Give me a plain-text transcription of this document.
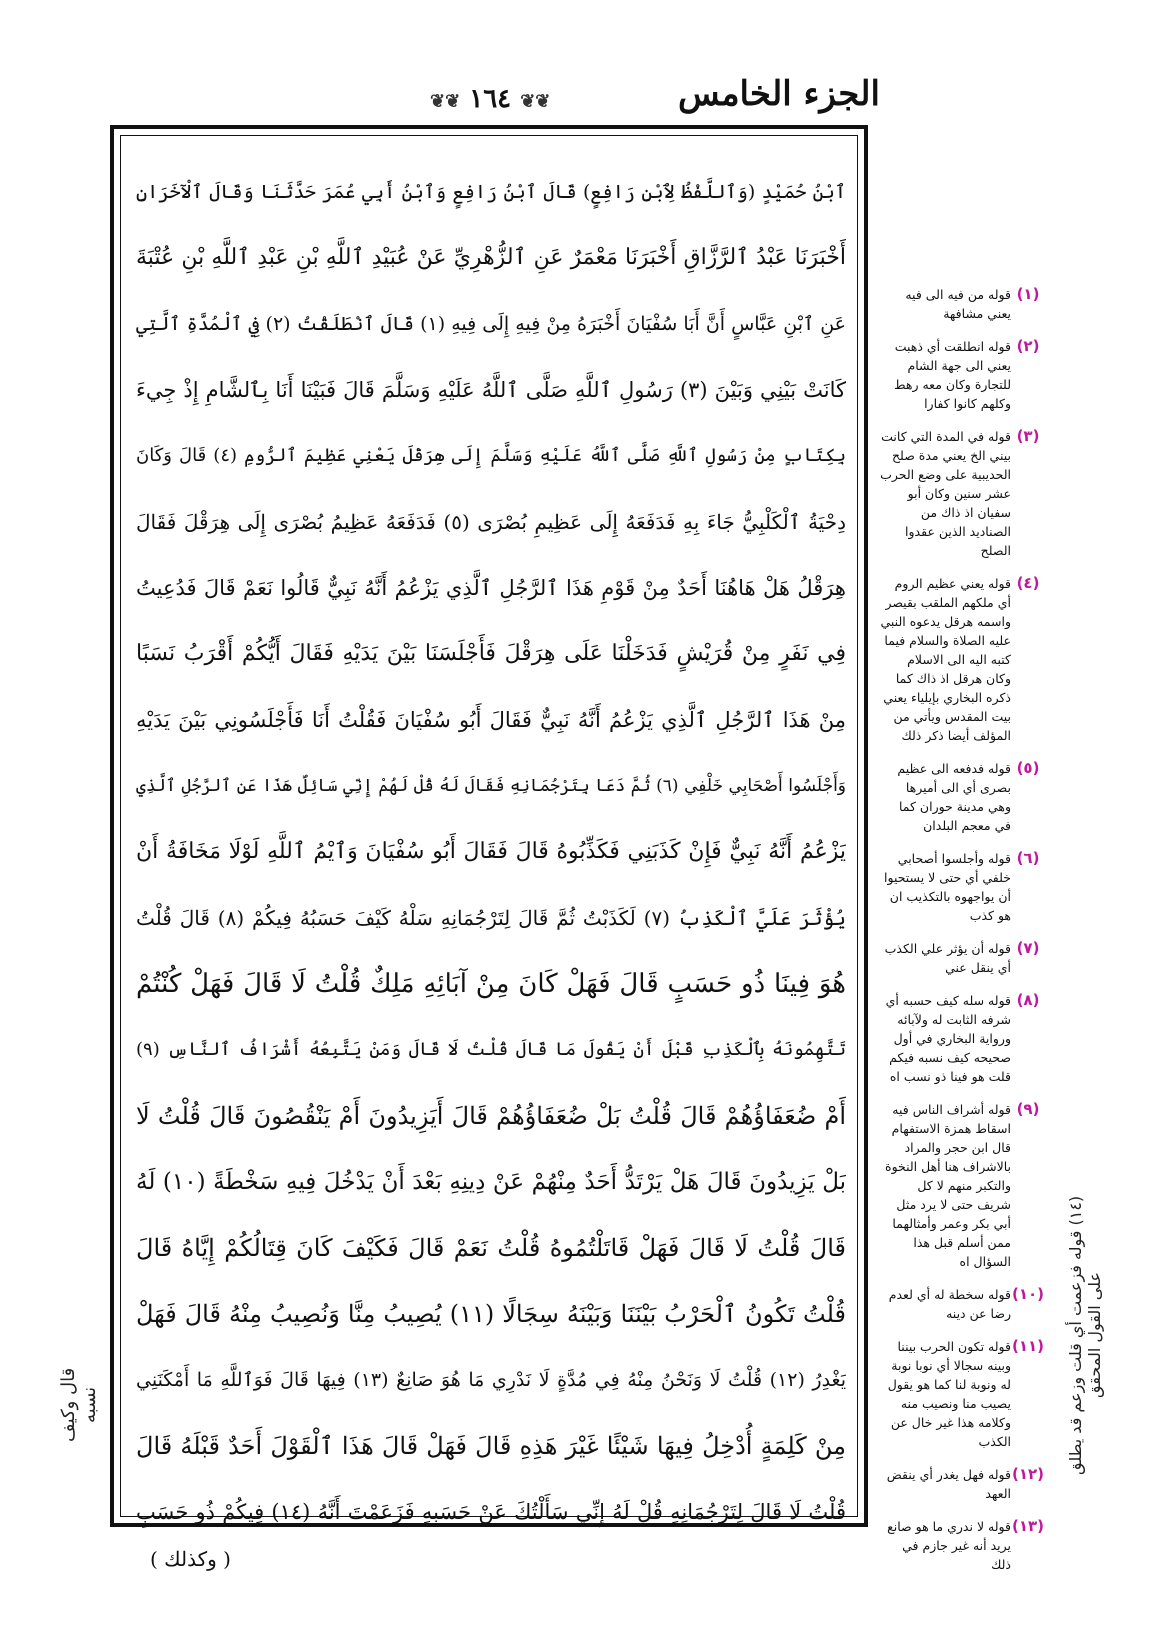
الجزء الخامس
❦❦ ١٦٤ ❦❦
ٱبْنُ حُمَيْدٍ (وَٱللَّفْظُ لِٱبْنِ رَافِعٍ) قَالَ ٱبْنُ رَافِعٍ وَٱبْنُ أَبِي عُمَرَ حَدَّثَنَا وَقَالَ ٱلْآخَرَانِ
أَخْبَرَنَا عَبْدُ ٱلرَّزَّاقِ أَخْبَرَنَا مَعْمَرٌ عَنِ ٱلزُّهْرِيِّ عَنْ عُبَيْدِ ٱللَّهِ بْنِ عَبْدِ ٱللَّهِ بْنِ عُتْبَةَ
عَنِ ٱبْنِ عَبَّاسٍ أَنَّ أَبَا سُفْيَانَ أَخْبَرَهُ مِنْ فِيهِ إِلَى فِيهِ (١) قَالَ ٱنْطَلَقْتُ (٢) فِي ٱلْمُدَّةِ ٱلَّتِي
كَانَتْ بَيْنِي وَبَيْنَ (٣) رَسُولِ ٱللَّهِ صَلَّى ٱللَّهُ عَلَيْهِ وَسَلَّمَ قَالَ فَبَيْنَا أَنَا بِٱلشَّامِ إِذْ جِيءَ
بِكِتَابٍ مِنْ رَسُولِ ٱللَّهِ صَلَّى ٱللَّهُ عَلَيْهِ وَسَلَّمَ إِلَى هِرَقْلَ يَعْنِي عَظِيمَ ٱلرُّومِ (٤) قَالَ وَكَانَ
دِحْيَةُ ٱلْكَلْبِيُّ جَاءَ بِهِ فَدَفَعَهُ إِلَى عَظِيمِ بُصْرَى (٥) فَدَفَعَهُ عَظِيمُ بُصْرَى إِلَى هِرَقْلَ فَقَالَ
هِرَقْلُ هَلْ هَاهُنَا أَحَدٌ مِنْ قَوْمِ هَذَا ٱلرَّجُلِ ٱلَّذِي يَزْعُمُ أَنَّهُ نَبِيٌّ قَالُوا نَعَمْ قَالَ فَدُعِيتُ
فِي نَفَرٍ مِنْ قُرَيْشٍ فَدَخَلْنَا عَلَى هِرَقْلَ فَأَجْلَسَنَا بَيْنَ يَدَيْهِ فَقَالَ أَيُّكُمْ أَقْرَبُ نَسَبًا
مِنْ هَذَا ٱلرَّجُلِ ٱلَّذِي يَزْعُمُ أَنَّهُ نَبِيٌّ فَقَالَ أَبُو سُفْيَانَ فَقُلْتُ أَنَا فَأَجْلَسُونِي بَيْنَ يَدَيْهِ
وَأَجْلَسُوا أَصْحَابِي خَلْفِي (٦) ثُمَّ دَعَا بِتَرْجُمَانِهِ فَقَالَ لَهُ قُلْ لَهُمْ إِنِّي سَائِلٌ هَذَا عَنِ ٱلرَّجُلِ ٱلَّذِي
يَزْعُمُ أَنَّهُ نَبِيٌّ فَإِنْ كَذَبَنِي فَكَذِّبُوهُ قَالَ فَقَالَ أَبُو سُفْيَانَ وَٱيْمُ ٱللَّهِ لَوْلَا مَخَافَةُ أَنْ
يُؤْثَرَ عَلَيَّ ٱلْكَذِبُ (٧) لَكَذَبْتُ ثُمَّ قَالَ لِتَرْجُمَانِهِ سَلْهُ كَيْفَ حَسَبُهُ فِيكُمْ (٨) قَالَ قُلْتُ
هُوَ فِينَا ذُو حَسَبٍ قَالَ فَهَلْ كَانَ مِنْ آبَائِهِ مَلِكٌ قُلْتُ لَا قَالَ فَهَلْ كُنْتُمْ
تَتَّهِمُونَهُ بِٱلْكَذِبِ قَبْلَ أَنْ يَقُولَ مَا قَالَ قُلْتُ لَا قَالَ وَمَنْ يَتَّبِعُهُ أَشْرَافُ ٱلنَّاسِ (٩)
أَمْ ضُعَفَاؤُهُمْ قَالَ قُلْتُ بَلْ ضُعَفَاؤُهُمْ قَالَ أَيَزِيدُونَ أَمْ يَنْقُصُونَ قَالَ قُلْتُ لَا
بَلْ يَزِيدُونَ قَالَ هَلْ يَرْتَدُّ أَحَدٌ مِنْهُمْ عَنْ دِينِهِ بَعْدَ أَنْ يَدْخُلَ فِيهِ سَخْطَةً (١٠) لَهُ
قَالَ قُلْتُ لَا قَالَ فَهَلْ قَاتَلْتُمُوهُ قُلْتُ نَعَمْ قَالَ فَكَيْفَ كَانَ قِتَالُكُمْ إِيَّاهُ قَالَ
قُلْتُ تَكُونُ ٱلْحَرْبُ بَيْنَنَا وَبَيْنَهُ سِجَالًا (١١) يُصِيبُ مِنَّا وَنُصِيبُ مِنْهُ قَالَ فَهَلْ
يَغْدِرُ (١٢) قُلْتُ لَا وَنَحْنُ مِنْهُ فِي مُدَّةٍ لَا نَدْرِي مَا هُوَ صَانِعٌ (١٣) فِيهَا قَالَ فَوَٱللَّهِ مَا أَمْكَنَنِي
مِنْ كَلِمَةٍ أُدْخِلُ فِيهَا شَيْئًا غَيْرَ هَذِهِ قَالَ فَهَلْ قَالَ هَذَا ٱلْقَوْلَ أَحَدٌ قَبْلَهُ قَالَ
قُلْتُ لَا قَالَ لِتَرْجُمَانِهِ قُلْ لَهُ إِنِّي سَأَلْتُكَ عَنْ حَسَبِهِ فَزَعَمْتَ أَنَّهُ (١٤) فِيكُمْ ذُو حَسَبٍ
(١)
قوله من فيه الى فيه يعني مشافهة
(٢)
قوله انطلقت أي ذهبت يعني الى جهة الشام للتجارة وكان معه رهط وكلهم كانوا كفارا
(٣)
قوله في المدة التي كانت بيني الخ يعني مدة صلح الحديبية على وضع الحرب عشر سنين وكان أبو سفيان اذ ذاك من الصناديد الذين عقدوا الصلح
(٤)
قوله يعني عظيم الروم أي ملكهم الملقب بقيصر واسمه هرقل يدعوه النبي عليه الصلاة والسلام فيما كتبه اليه الى الاسلام وكان هرقل اذ ذاك كما ذكره البخاري بإيلياء يعني بيت المقدس ويأتي من المؤلف أيضا ذكر ذلك
(٥)
قوله فدفعه الى عظيم بصرى أي الى أميرها وهي مدينة حوران كما في معجم البلدان
(٦)
قوله وأجلسوا أصحابي خلفي أي حتى لا يستحيوا أن يواجهوه بالتكذيب ان هو كذب
(٧)
قوله أن يؤثر علي الكذب أي ينقل عني
(٨)
قوله سله كيف حسبه أي شرفه الثابت له ولآبائه ورواية البخاري في أول صحيحه كيف نسبه فيكم قلت هو فينا ذو نسب اه
(٩)
قوله أشراف الناس فيه اسقاط همزة الاستفهام قال ابن حجر والمراد بالاشراف هنا أهل النخوة والتكبر منهم لا كل شريف حتى لا يرد مثل أبي بكر وعمر وأمثالهما ممن أسلم قبل هذا السؤال اه
(١٠)
قوله سخطة له أي لعدم رضا عن دينه
(١١)
قوله تكون الحرب بيننا وبينه سجالا أي نوبا نوبة له ونوبة لنا كما هو يقول يصيب منا ونصيب منه وكلامه هذا غير خال عن الكذب
(١٢)
قوله فهل يغدر أي ينقض العهد
(١٣)
قوله لا ندري ما هو صانع يريد أنه غير جازم في ذلك
قال وكيف نسبه	(١٤) قوله فزعمت أي قلت وزعم قد يطلق على القول المحقق
( وكذلك )
